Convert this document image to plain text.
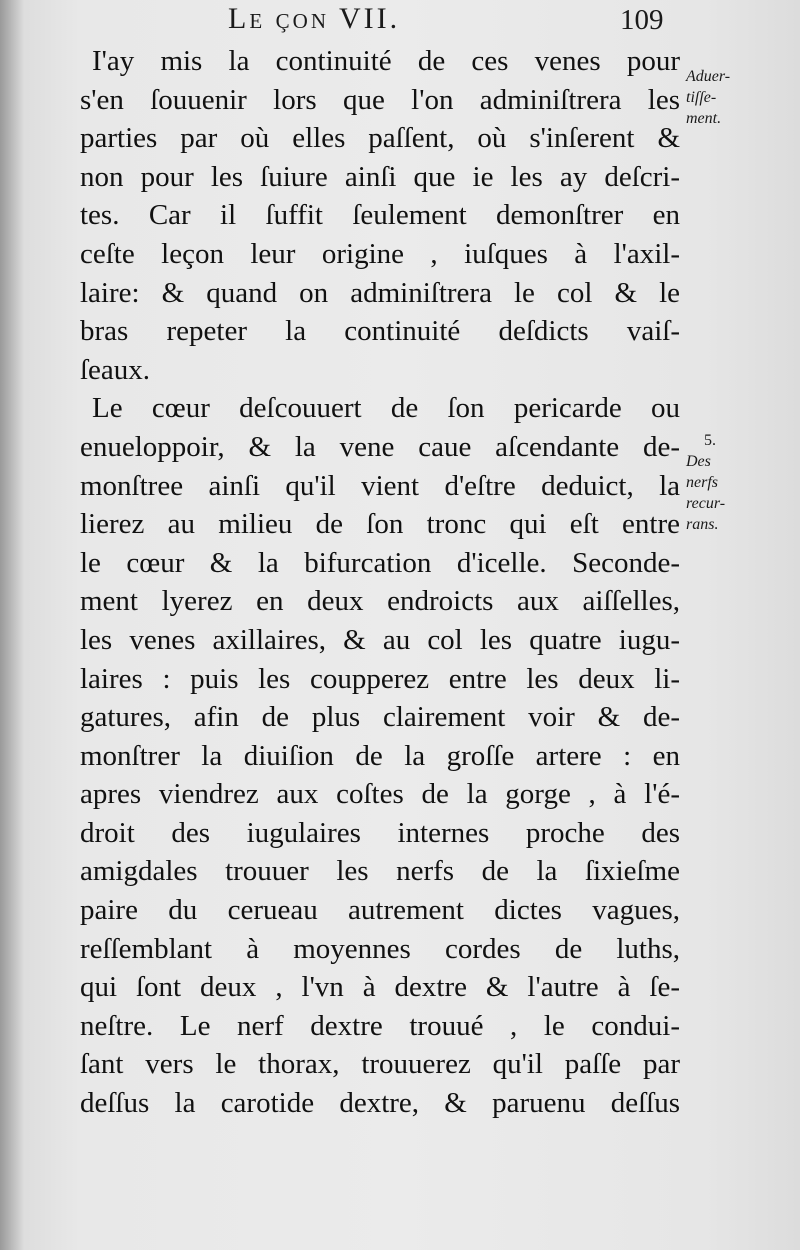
Le çon VII.	109
I'ay mis la continuité de ces venes pour
s'en ſouuenir lors que l'on adminiſtrera les
parties par où elles paſſent, où s'inſerent &
non pour les ſuiure ainſi que ie les ay deſcri-
tes. Car il ſuffit ſeulement demonſtrer en
ceſte leçon leur origine , iuſques à l'axil-
laire: & quand on adminiſtrera le col & le
bras repeter la continuité deſdicts vaiſ-
ſeaux.
Le cœur deſcouuert de ſon pericarde ou
enueloppoir, & la vene caue aſcendante de-
monſtree ainſi qu'il vient d'eſtre deduict, la
lierez au milieu de ſon tronc qui eſt entre
le cœur & la bifurcation d'icelle. Seconde-
ment lyerez en deux endroicts aux aiſſelles,
les venes axillaires, & au col les quatre iugu-
laires : puis les coupperez entre les deux li-
gatures, afin de plus clairement voir & de-
monſtrer la diuiſion de la groſſe artere : en
apres viendrez aux coſtes de la gorge , à l'é-
droit des iugulaires internes proche des
amigdales trouuer les nerfs de la ſixieſme
paire du cerueau autrement dictes vagues,
reſſemblant à moyennes cordes de luths,
qui ſont deux , l'vn à dextre & l'autre à ſe-
neſtre. Le nerf dextre trouué , le condui-
ſant vers le thorax, trouuerez qu'il paſſe par
deſſus la carotide dextre, & paruenu deſſus
Aduer-
tiſſe-
ment.
5.
Des
nerfs
recur-
rans.
